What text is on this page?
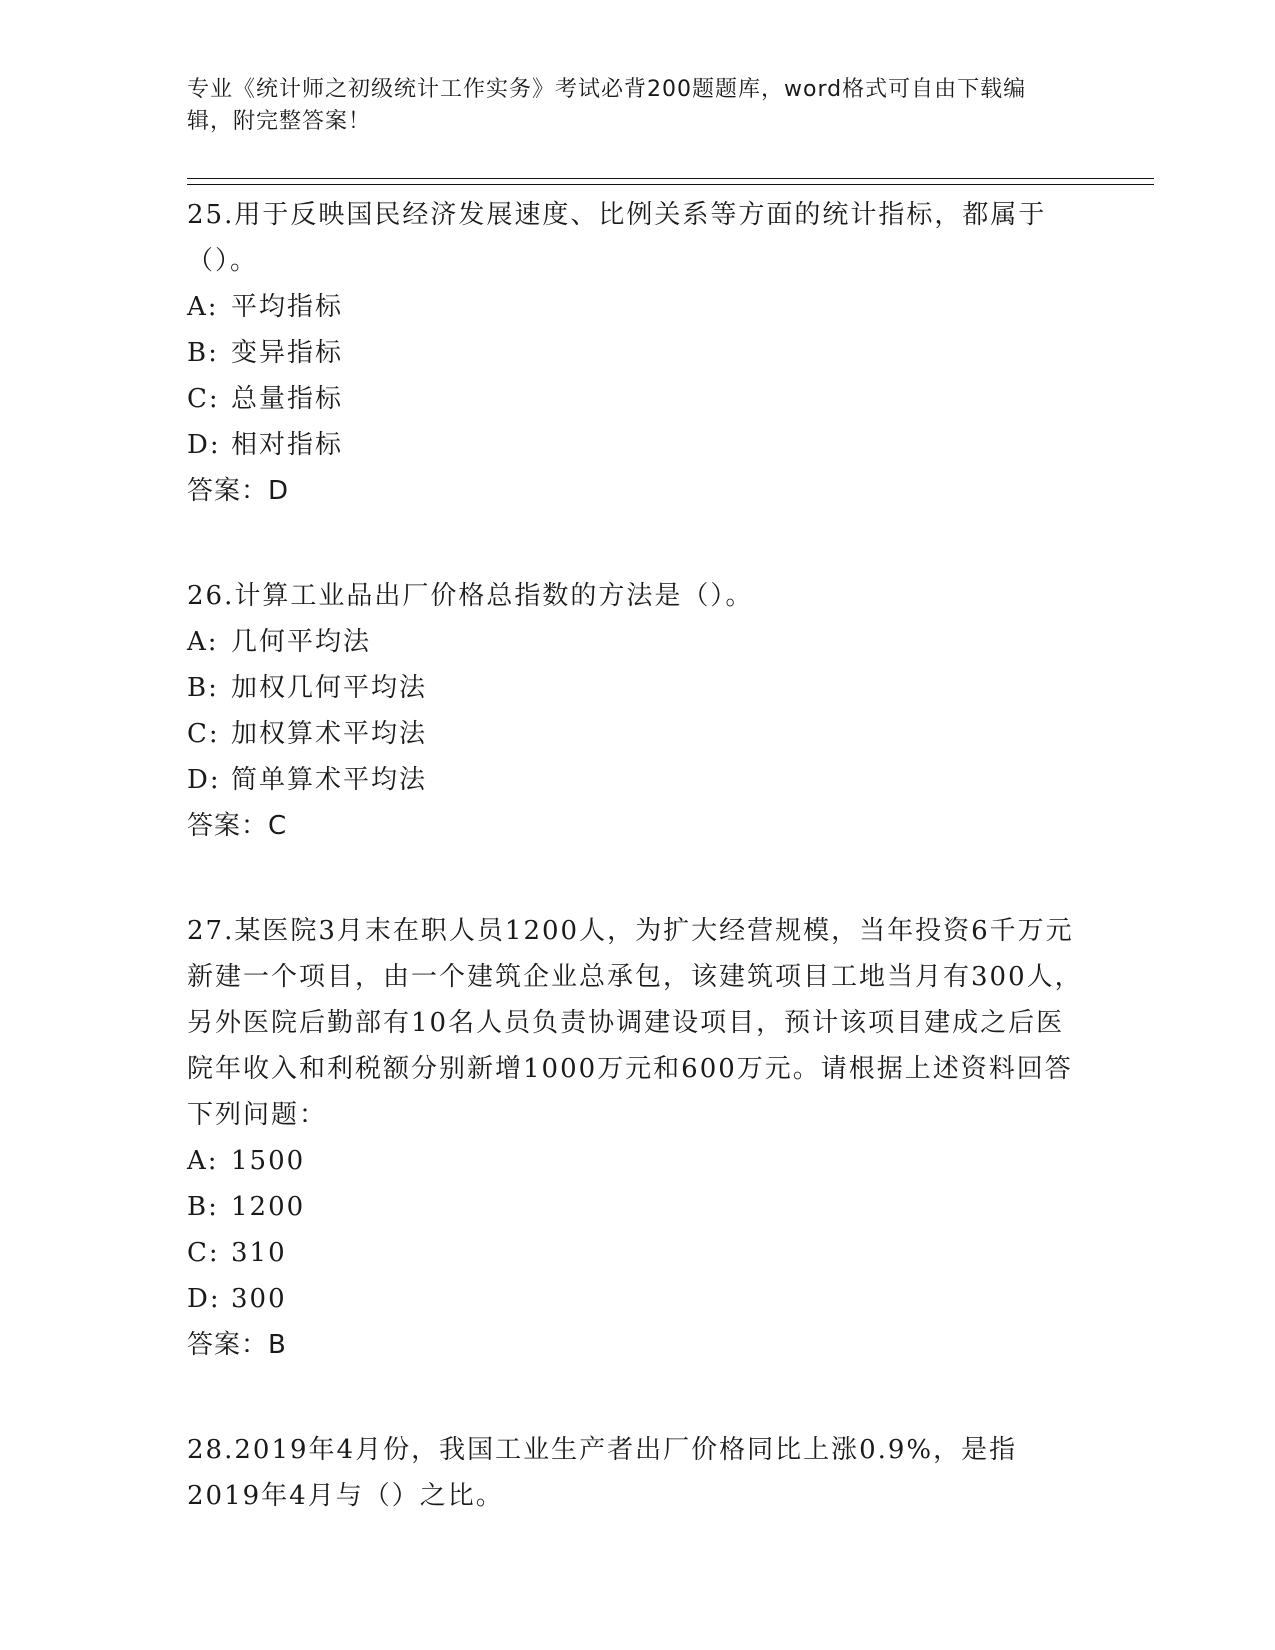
专业《统计师之初级统计工作实务》考试必背200题题库，word格式可自由下载编辑，附完整答案！

25.用于反映国民经济发展速度、比例关系等方面的统计指标，都属于（）。

A: 平均指标
B: 变异指标
C: 总量指标
D: 相对指标
答案：D

26.计算工业品出厂价格总指数的方法是（）。

A: 几何平均法
B: 加权几何平均法
C: 加权算术平均法
D: 简单算术平均法
答案：C

27.某医院3月末在职人员1200人，为扩大经营规模，当年投资6千万元新建一个项目，由一个建筑企业总承包，该建筑项目工地当月有300人，另外医院后勤部有10名人员负责协调建设项目，预计该项目建成之后医院年收入和利税额分别新增1000万元和600万元。请根据上述资料回答下列问题：

A: 1500
B: 1200
C: 310
D: 300
答案：B

28.2019年4月份，我国工业生产者出厂价格同比上涨0.9%，是指2019年4月与（）之比。
